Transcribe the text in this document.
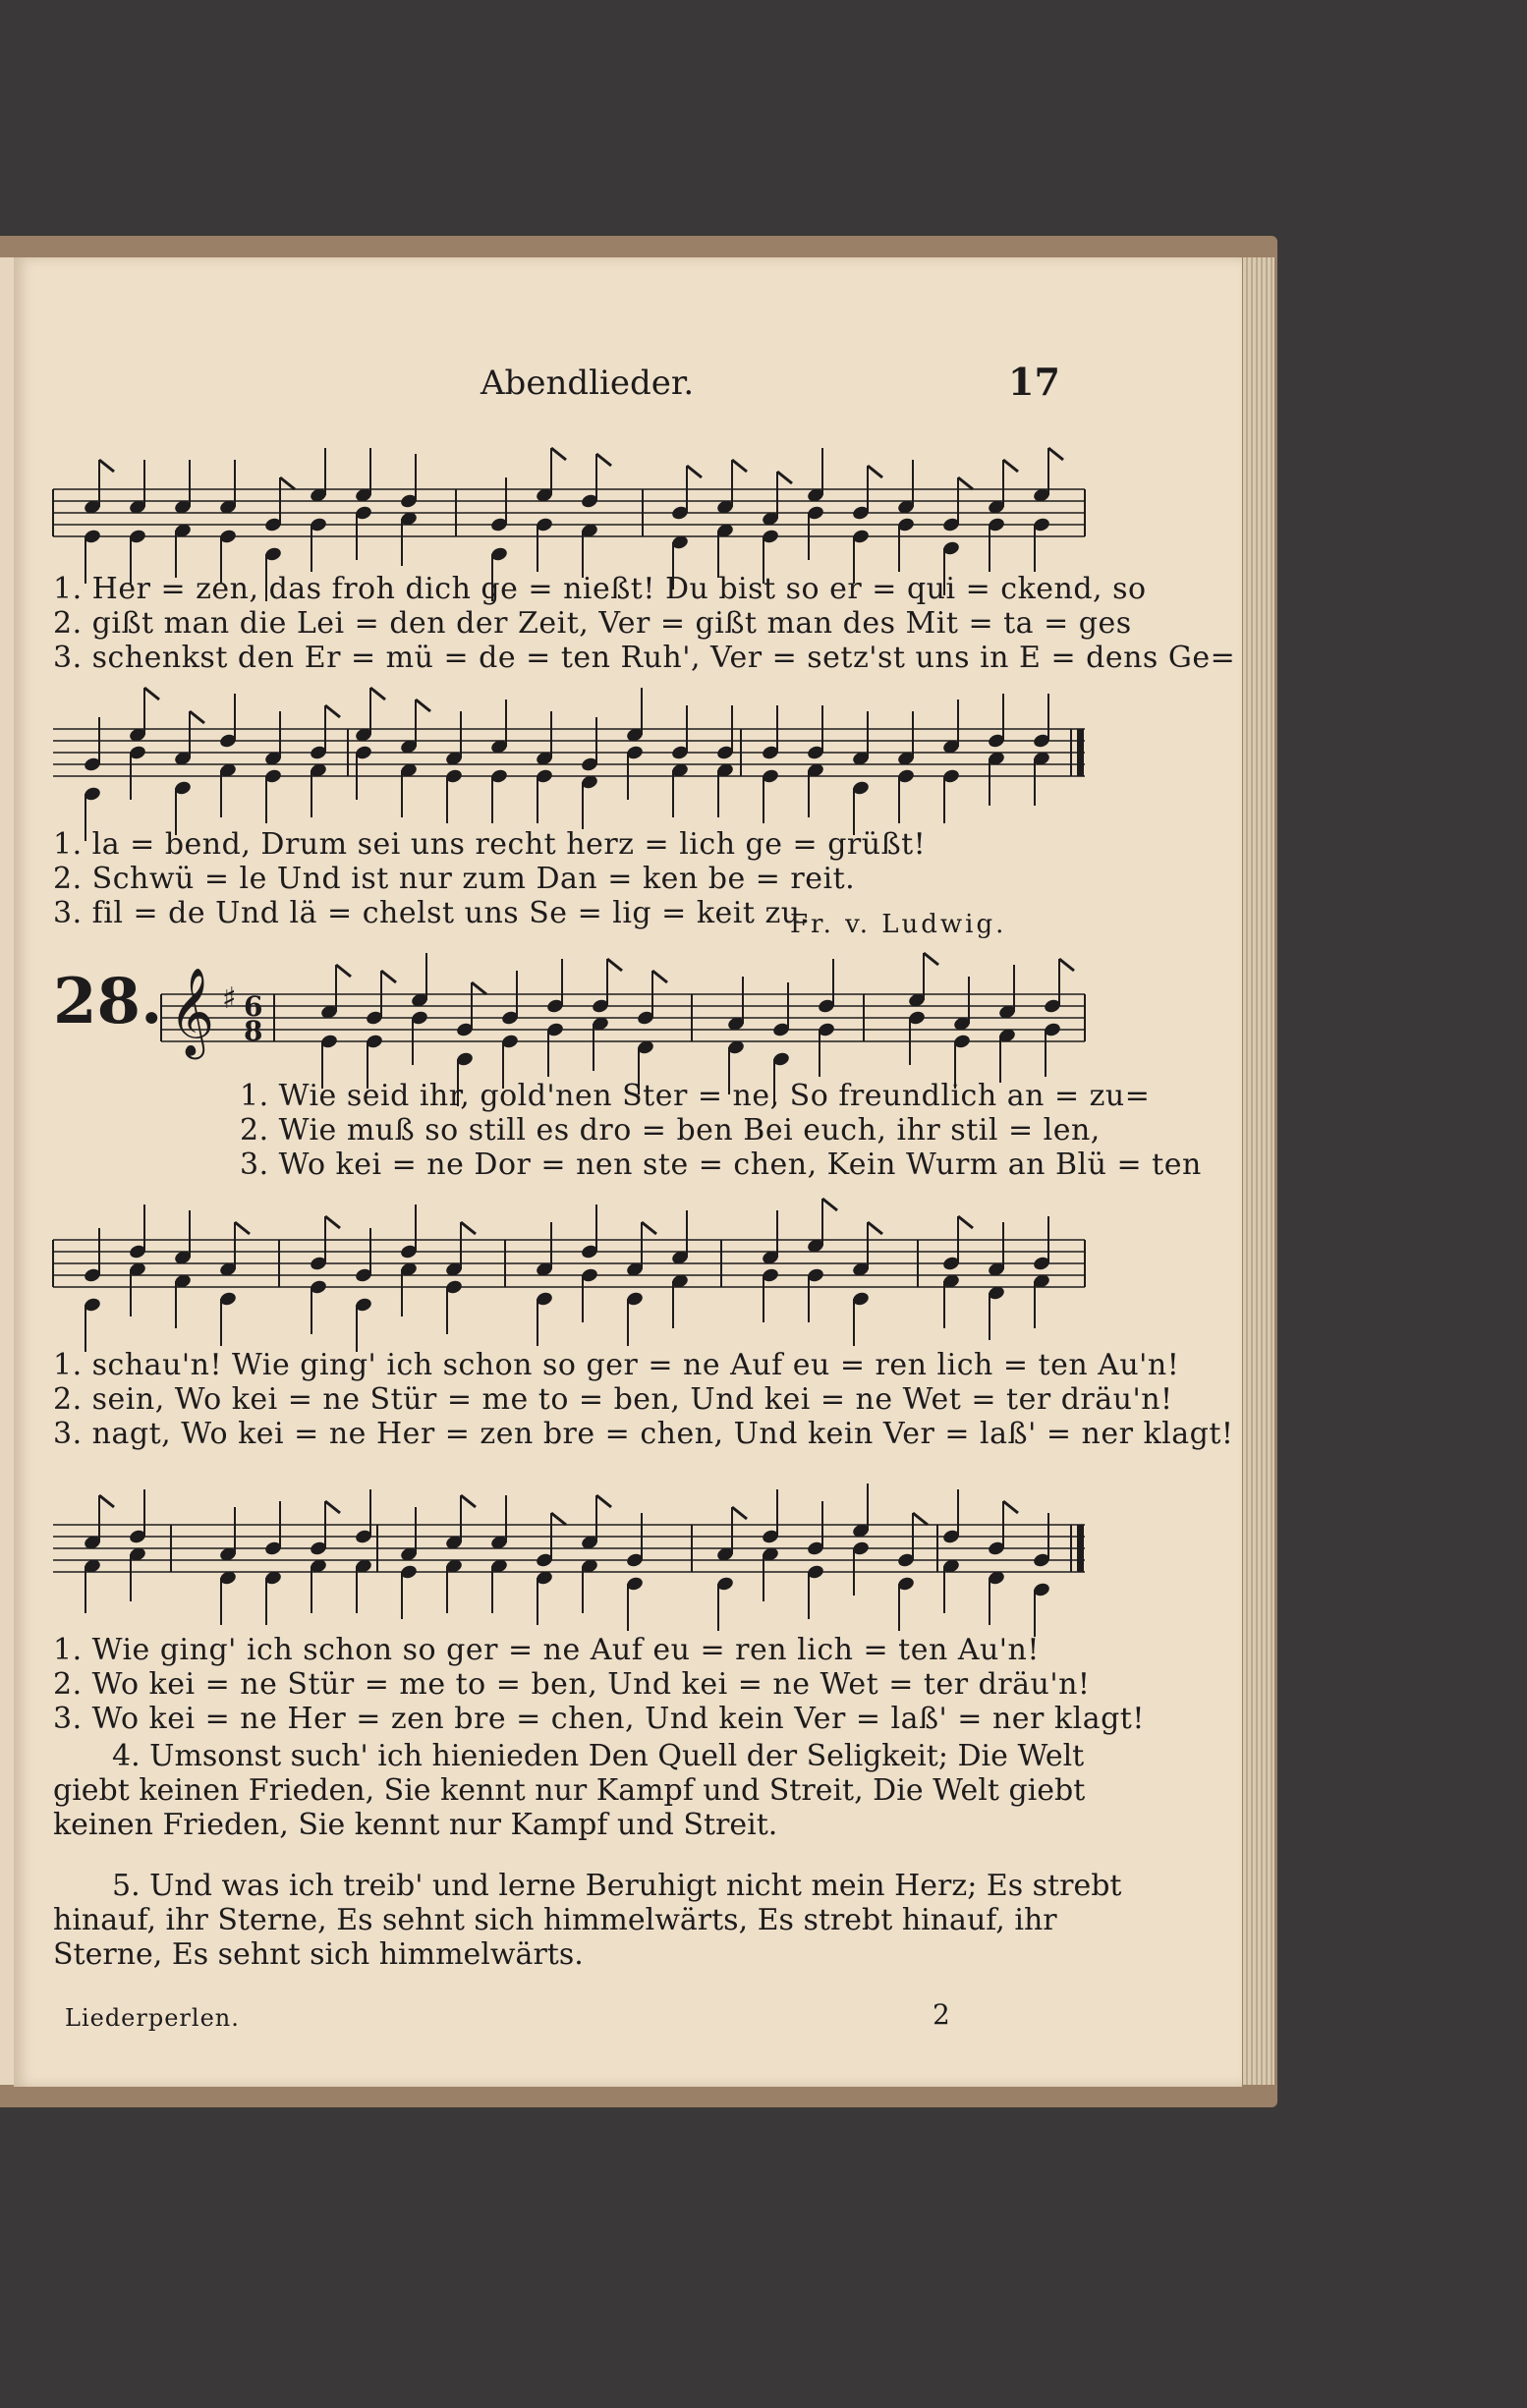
Abendlieder.	17
1. Her = zen, das froh dich ge = nießt! Du bist so er = qui = ckend, so
2. gißt man die Lei = den der Zeit, Ver = gißt man des Mit = ta = ges
3. schenkst den Er = mü = de = ten Ruh', Ver = setz'st uns in E = dens Ge=
1. la = bend, Drum sei uns recht herz = lich ge = grüßt!
2. Schwü = le Und ist nur zum Dan = ken be = reit.
3. fil = de Und lä = chelst uns Se = lig = keit zu.
Fr. v. Ludwig.
28. 𝄞 ♯ 6
8
1. Wie seid ihr, gold'nen Ster = ne, So freundlich an = zu=
2. Wie muß so still es dro = ben Bei euch, ihr stil = len,
3. Wo kei = ne Dor = nen ste = chen, Kein Wurm an Blü = ten
1. schau'n! Wie ging' ich schon so ger = ne Auf eu = ren lich = ten Au'n!
2. sein, Wo kei = ne Stür = me to = ben, Und kei = ne Wet = ter dräu'n!
3. nagt, Wo kei = ne Her = zen bre = chen, Und kein Ver = laß' = ner klagt!
1. Wie ging' ich schon so ger = ne Auf eu = ren lich = ten Au'n!
2. Wo kei = ne Stür = me to = ben, Und kei = ne Wet = ter dräu'n!
3. Wo kei = ne Her = zen bre = chen, Und kein Ver = laß' = ner klagt!
4. Umsonst such' ich hienieden Den Quell der Seligkeit; Die Welt
giebt keinen Frieden, Sie kennt nur Kampf und Streit, Die Welt giebt
keinen Frieden, Sie kennt nur Kampf und Streit.
5. Und was ich treib' und lerne Beruhigt nicht mein Herz; Es strebt
hinauf, ihr Sterne, Es sehnt sich himmelwärts, Es strebt hinauf, ihr
Sterne, Es sehnt sich himmelwärts.
Liederperlen.	2
